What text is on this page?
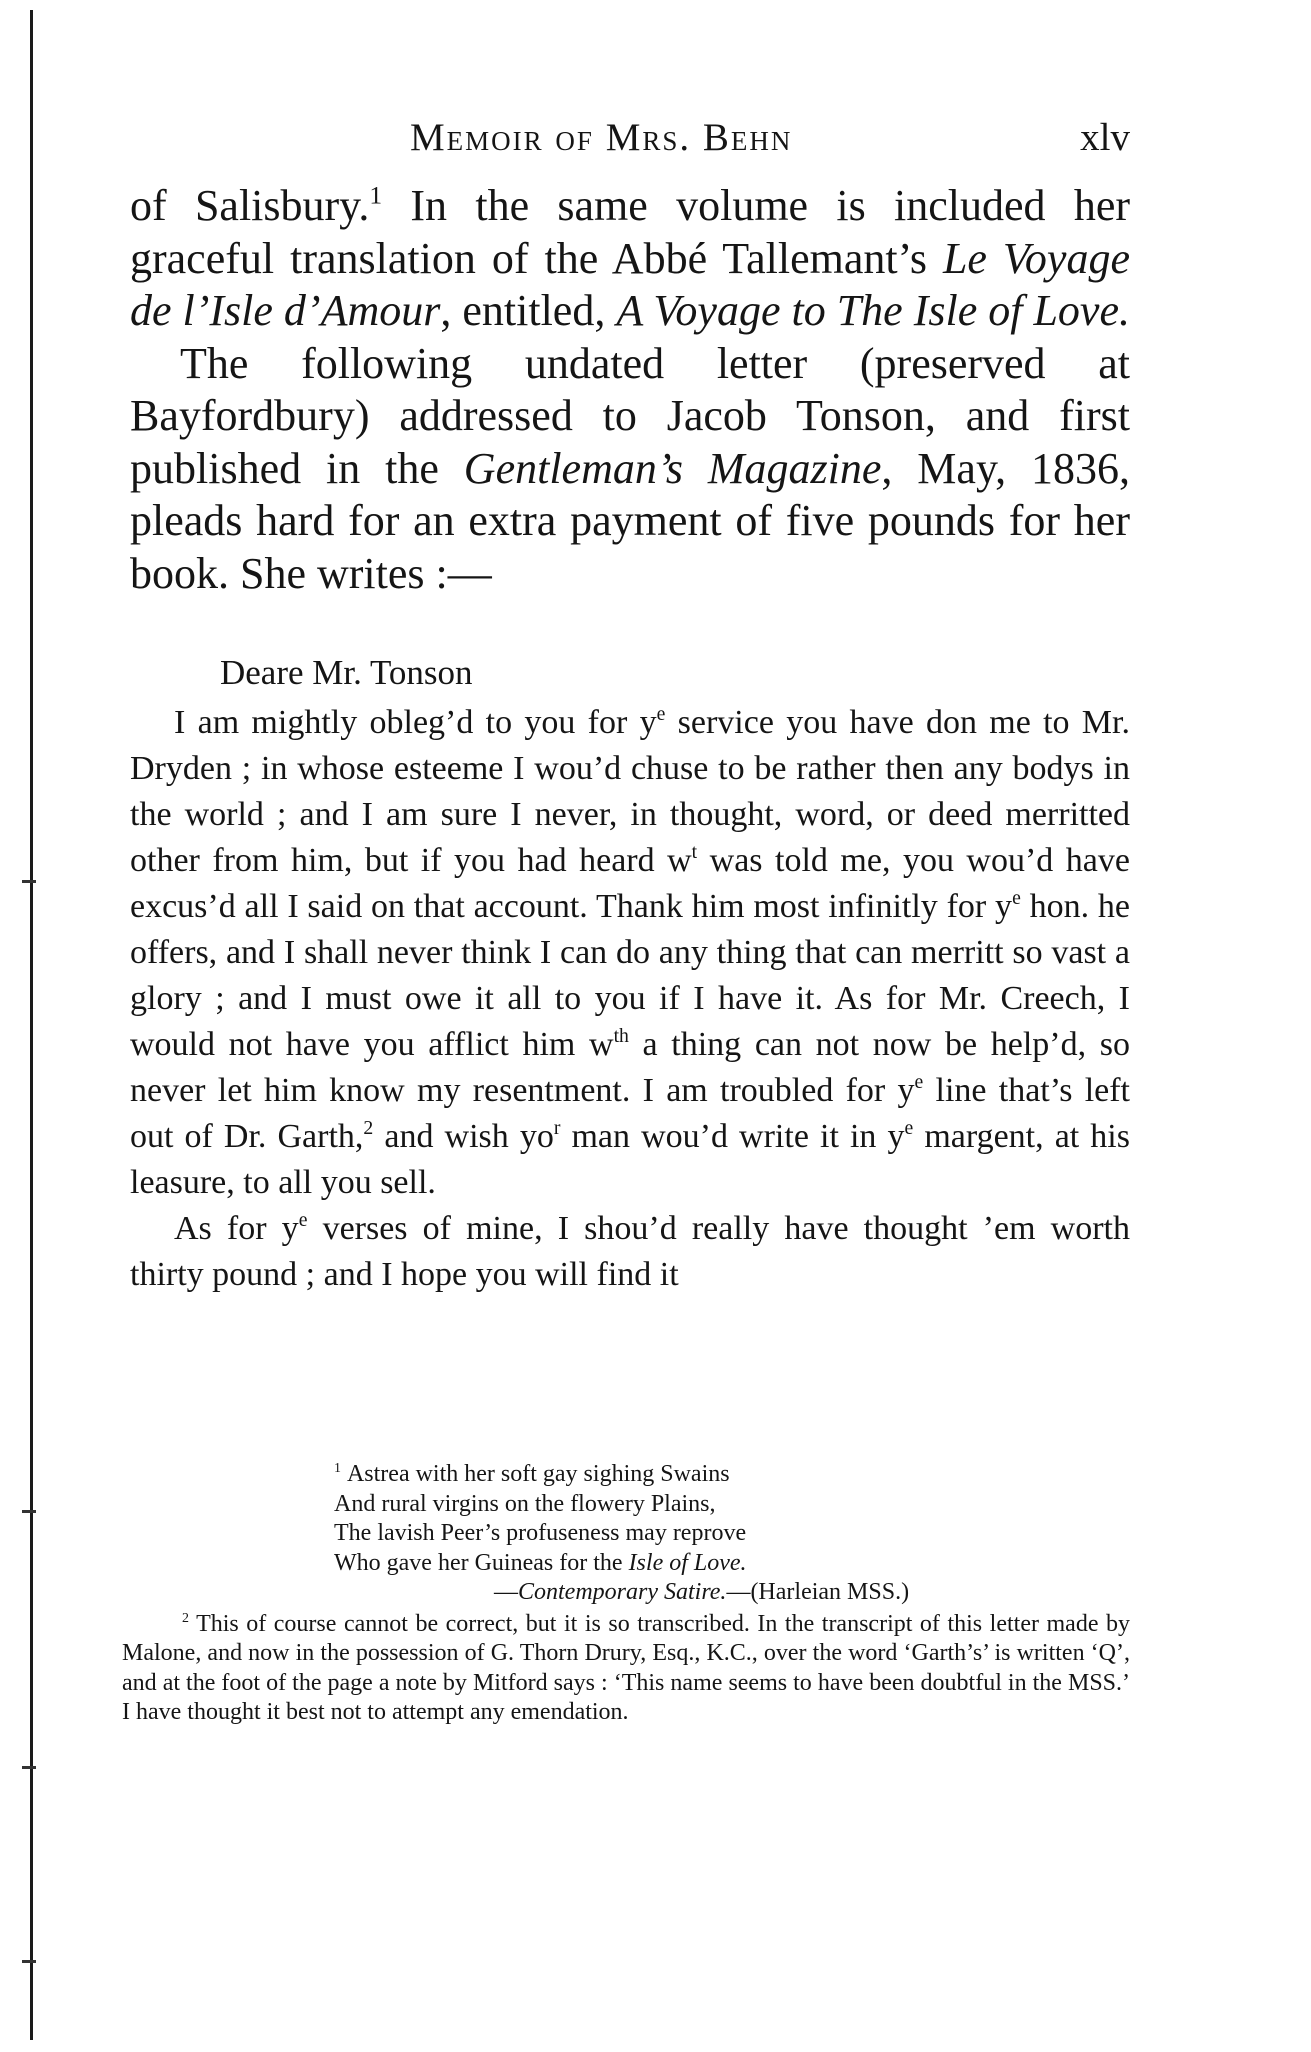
Memoir of Mrs. Behn	xlv

of Salisbury.$^1$ In the same volume is included her graceful translation of the Abbé Tallemant’s Le Voyage de l’Isle d’Amour, entitled, A Voyage to The Isle of Love.

The following undated letter (preserved at Bayfordbury) addressed to Jacob Tonson, and first published in the Gentleman’s Magazine, May, 1836, pleads hard for an extra payment of five pounds for her book. She writes :—

Deare Mr. Tonson

I am mightly obleg’d to you for $y^e$ service you have don me to Mr. Dryden ; in whose esteeme I wou’d chuse to be rather then any bodys in the world ; and I am sure I never, in thought, word, or deed merritted other from him, but if you had heard $w^t$ was told me, you wou’d have excus’d all I said on that account. Thank him most infinitly for $y^e$ hon. he offers, and I shall never think I can do any thing that can merritt so vast a glory ; and I must owe it all to you if I have it. As for Mr. Creech, I would not have you afflict him $w^{th}$ a thing can not now be help’d, so never let him know my resentment. I am troubled for $y^e$ line that’s left out of Dr. Garth,$^2$ and wish $yo^r$ man wou’d write it in $y^e$ margent, at his leasure, to all you sell.

As for $y^e$ verses of mine, I shou’d really have thought ’em worth thirty pound ; and I hope you will find it

$^1$ Astrea with her soft gay sighing Swains
And rural virgins on the flowery Plains,
The lavish Peer’s profuseness may reprove
Who gave her Guineas for the Isle of Love.
—Contemporary Satire.—(Harleian MSS.)

$^2$ This of course cannot be correct, but it is so transcribed. In the transcript of this letter made by Malone, and now in the possession of G. Thorn Drury, Esq., K.C., over the word ‘Garth’s’ is written ‘Q’, and at the foot of the page a note by Mitford says : ‘This name seems to have been doubtful in the MSS.’ I have thought it best not to attempt any emendation.
